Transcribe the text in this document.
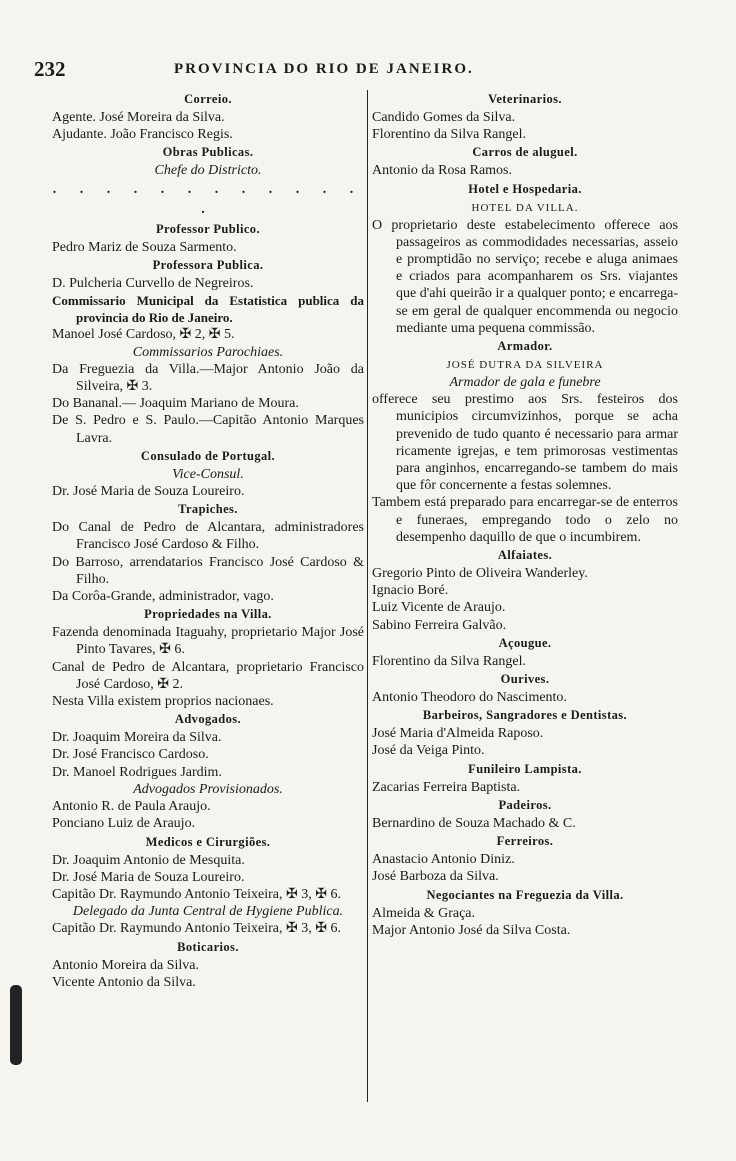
232	PROVINCIA DO RIO DE JANEIRO.

Correio.

Agente. José Moreira da Silva.

Ajudante. João Francisco Regis.

Obras Publicas.

Chefe do Districto.

. . . . . . . . . . . . .

Professor Publico.

Pedro Mariz de Souza Sarmento.

Professora Publica.

D. Pulcheria Curvello de Negreiros.

Commissario Municipal da Estatistica publica da provincia do Rio de Janeiro.

Manoel José Cardoso, ✠ 2, ✠ 5.

Commissarios Parochiaes.

Da Freguezia da Villa.—Major Antonio João da Silveira, ✠ 3.

Do Bananal.— Joaquim Mariano de Moura.

De S. Pedro e S. Paulo.—Capitão Antonio Marques Lavra.

Consulado de Portugal.

Vice-Consul.

Dr. José Maria de Souza Loureiro.

Trapiches.

Do Canal de Pedro de Alcantara, administradores Francisco José Cardoso & Filho.

Do Barroso, arrendatarios Francisco José Cardoso & Filho.

Da Corôa-Grande, administrador, vago.

Propriedades na Villa.

Fazenda denominada Itaguahy, proprietario Major José Pinto Tavares, ✠ 6.

Canal de Pedro de Alcantara, proprietario Francisco José Cardoso, ✠ 2.

Nesta Villa existem proprios nacionaes.

Advogados.

Dr. Joaquim Moreira da Silva.

Dr. José Francisco Cardoso.

Dr. Manoel Rodrigues Jardim.

Advogados Provisionados.

Antonio R. de Paula Araujo.

Ponciano Luiz de Araujo.

Medicos e Cirurgiões.

Dr. Joaquim Antonio de Mesquita.

Dr. José Maria de Souza Loureiro.

Capitão Dr. Raymundo Antonio Teixeira, ✠ 3, ✠ 6.

Delegado da Junta Central de Hygiene Publica.

Capitão Dr. Raymundo Antonio Teixeira, ✠ 3, ✠ 6.

Boticarios.

Antonio Moreira da Silva.

Vicente Antonio da Silva.

Veterinarios.

Candido Gomes da Silva.

Florentino da Silva Rangel.

Carros de aluguel.

Antonio da Rosa Ramos.

Hotel e Hospedaria.

HOTEL DA VILLA.

O proprietario deste estabelecimento offerece aos passageiros as commodidades necessarias, asseio e promptidão no serviço; recebe e aluga animaes e criados para acompanharem os Srs. viajantes que d'ahi queirão ir a qualquer ponto; e encarrega-se em geral de qualquer encommenda ou negocio mediante uma pequena commissão.

Armador.

JOSÉ DUTRA DA SILVEIRA

Armador de gala e funebre

offerece seu prestimo aos Srs. festeiros dos municipios circumvizinhos, porque se acha prevenido de tudo quanto é necessario para armar ricamente igrejas, e tem primorosas vestimentas para anginhos, encarregando-se tambem do mais que fôr concernente a festas solemnes.

Tambem está preparado para encarregar-se de enterros e funeraes, empregando todo o zelo no desempenho daquillo de que o incumbirem.

Alfaiates.

Gregorio Pinto de Oliveira Wanderley.

Ignacio Boré.

Luiz Vicente de Araujo.

Sabino Ferreira Galvão.

Açougue.

Florentino da Silva Rangel.

Ourives.

Antonio Theodoro do Nascimento.

Barbeiros, Sangradores e Dentistas.

José Maria d'Almeida Raposo.

José da Veiga Pinto.

Funileiro Lampista.

Zacarias Ferreira Baptista.

Padeiros.

Bernardino de Souza Machado & C.

Ferreiros.

Anastacio Antonio Diniz.

José Barboza da Silva.

Negociantes na Freguezia da Villa.

Almeida & Graça.

Major Antonio José da Silva Costa.
